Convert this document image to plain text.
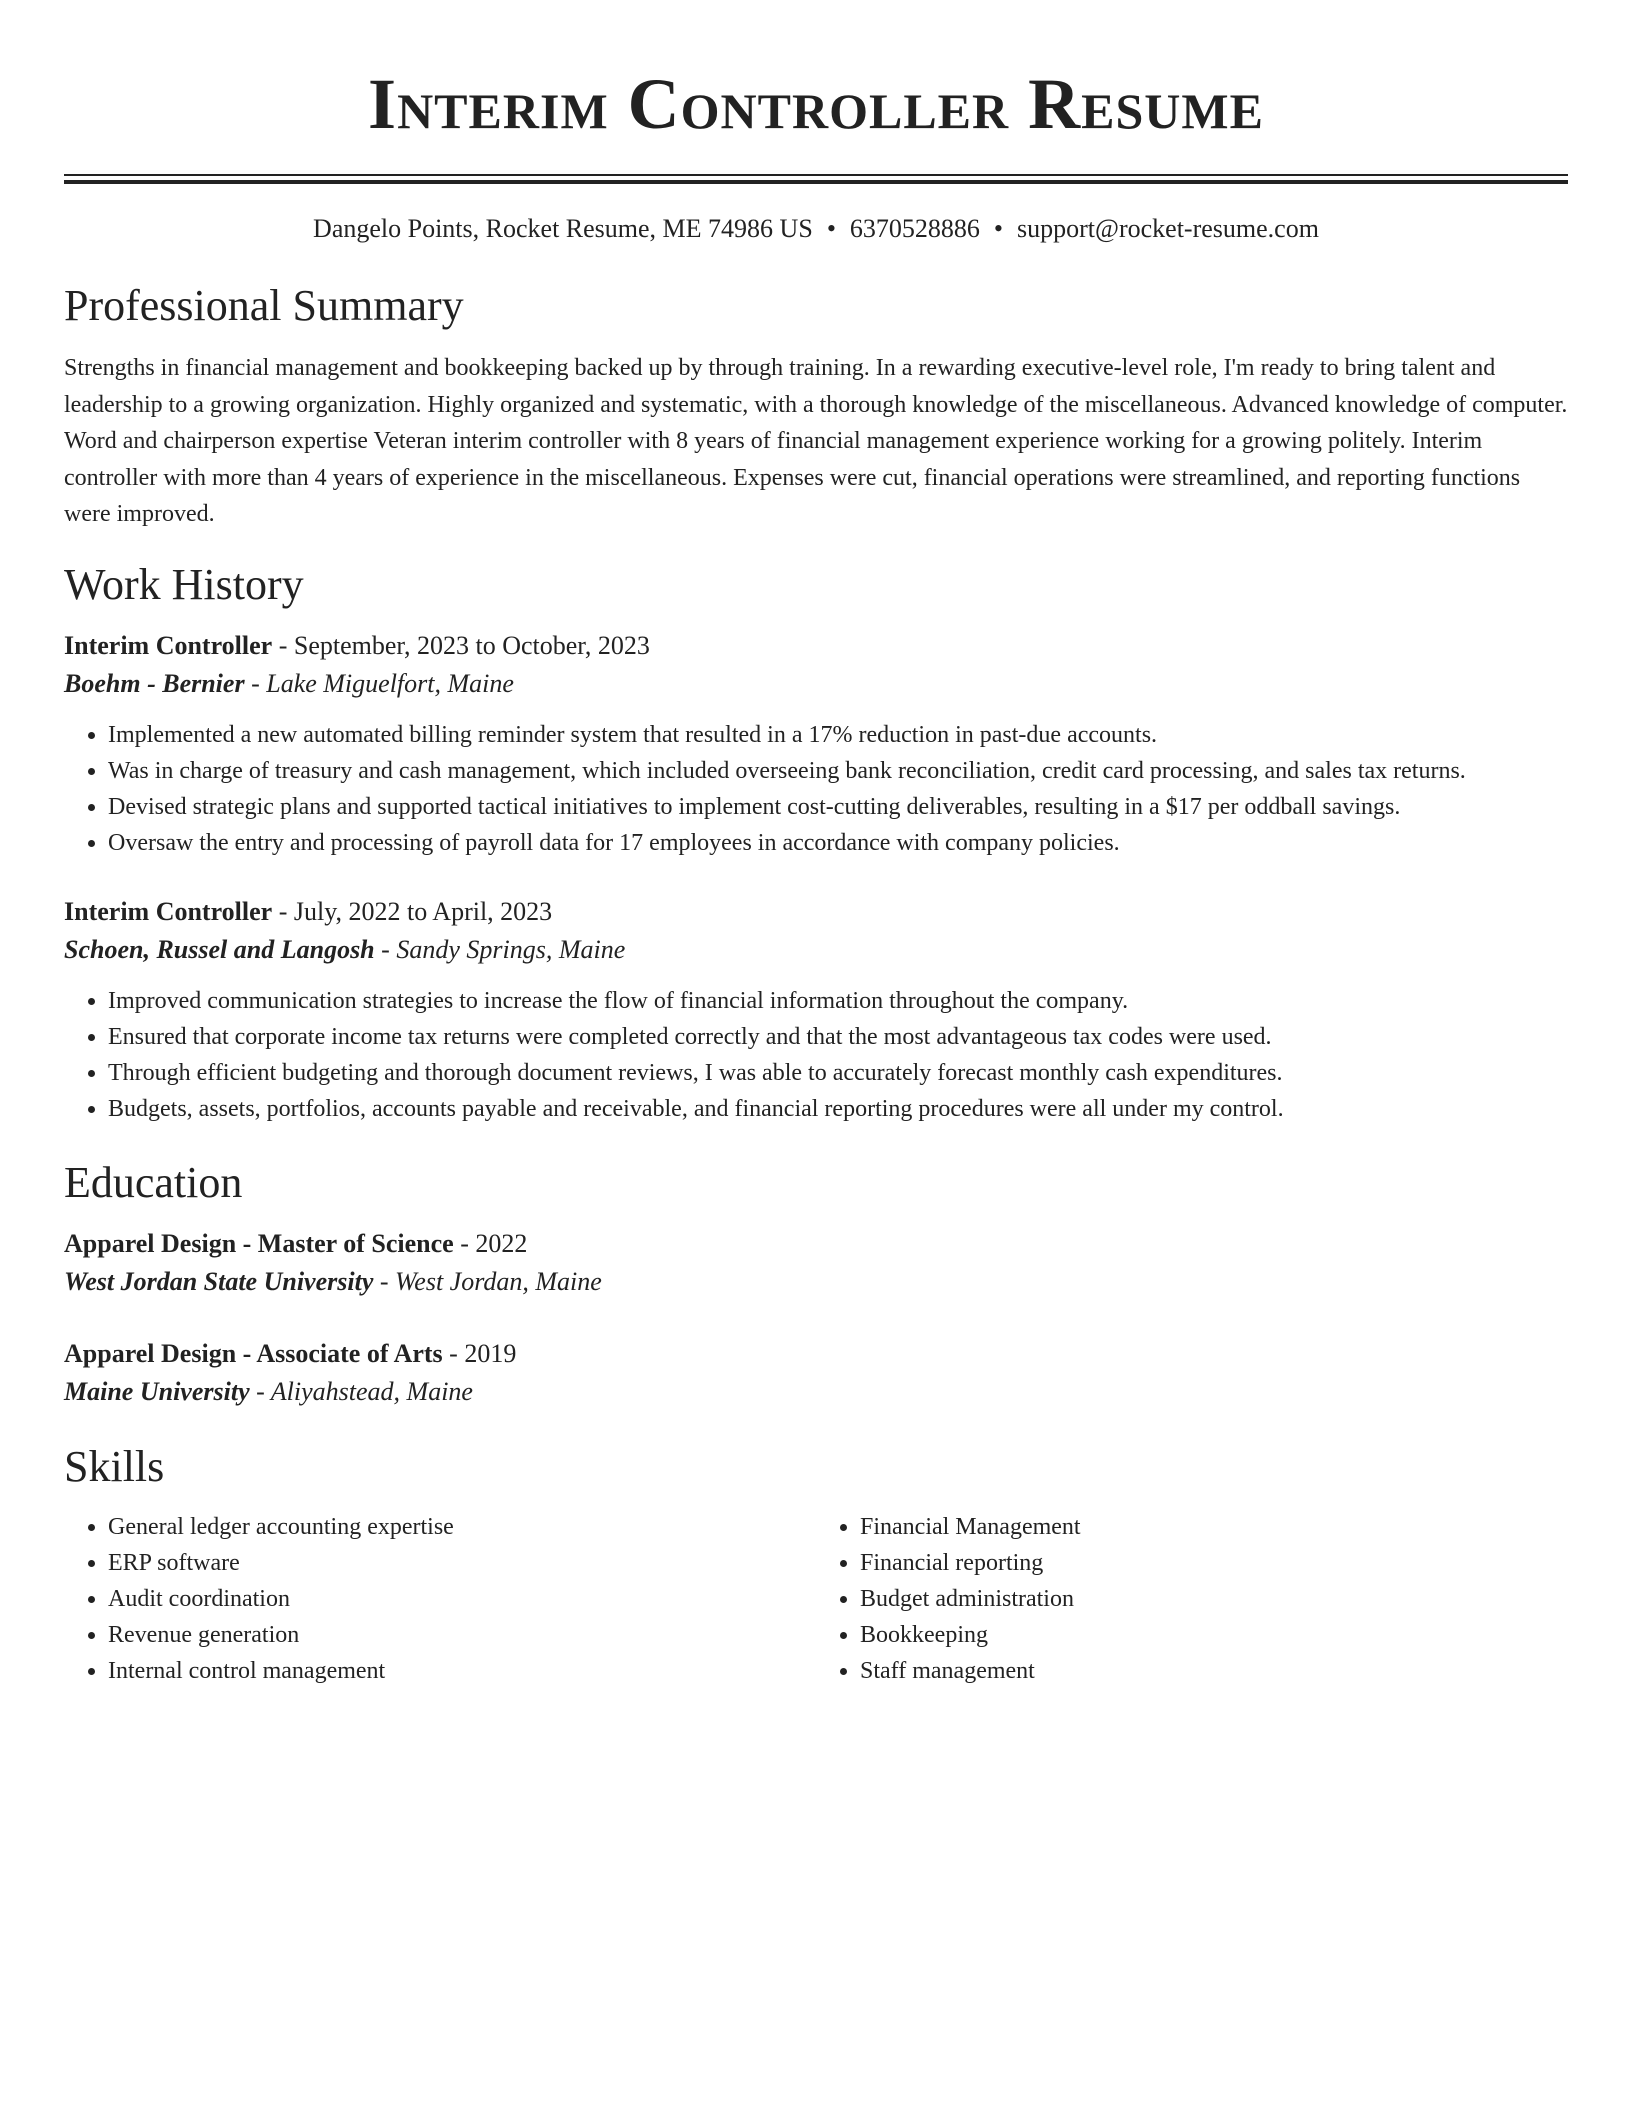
Interim Controller Resume
Dangelo Points, Rocket Resume, ME 74986 US • 6370528886 • support@rocket-resume.com
Professional Summary

Strengths in financial management and bookkeeping backed up by through training. In a rewarding executive-level role, I'm ready to bring talent and leadership to a growing organization. Highly organized and systematic, with a thorough knowledge of the miscellaneous. Advanced knowledge of computer. Word and chairperson expertise Veteran interim controller with 8 years of financial management experience working for a growing politely. Interim controller with more than 4 years of experience in the miscellaneous. Expenses were cut, financial operations were streamlined, and reporting functions were improved.

Work History
Interim Controller - September, 2023 to October, 2023
Boehm - Bernier - Lake Miguelfort, Maine
• Implemented a new automated billing reminder system that resulted in a 17% reduction in past-due accounts.
• Was in charge of treasury and cash management, which included overseeing bank reconciliation, credit card processing, and sales tax returns.
• Devised strategic plans and supported tactical initiatives to implement cost-cutting deliverables, resulting in a $17 per oddball savings.
• Oversaw the entry and processing of payroll data for 17 employees in accordance with company policies.
Interim Controller - July, 2022 to April, 2023
Schoen, Russel and Langosh - Sandy Springs, Maine
• Improved communication strategies to increase the flow of financial information throughout the company.
• Ensured that corporate income tax returns were completed correctly and that the most advantageous tax codes were used.
• Through efficient budgeting and thorough document reviews, I was able to accurately forecast monthly cash expenditures.
• Budgets, assets, portfolios, accounts payable and receivable, and financial reporting procedures were all under my control.
Education
Apparel Design - Master of Science - 2022
West Jordan State University - West Jordan, Maine
Apparel Design - Associate of Arts - 2019
Maine University - Aliyahstead, Maine
Skills
• General ledger accounting expertise
• ERP software
• Audit coordination
• Revenue generation
• Internal control management
• Financial Management
• Financial reporting
• Budget administration
• Bookkeeping
• Staff management
